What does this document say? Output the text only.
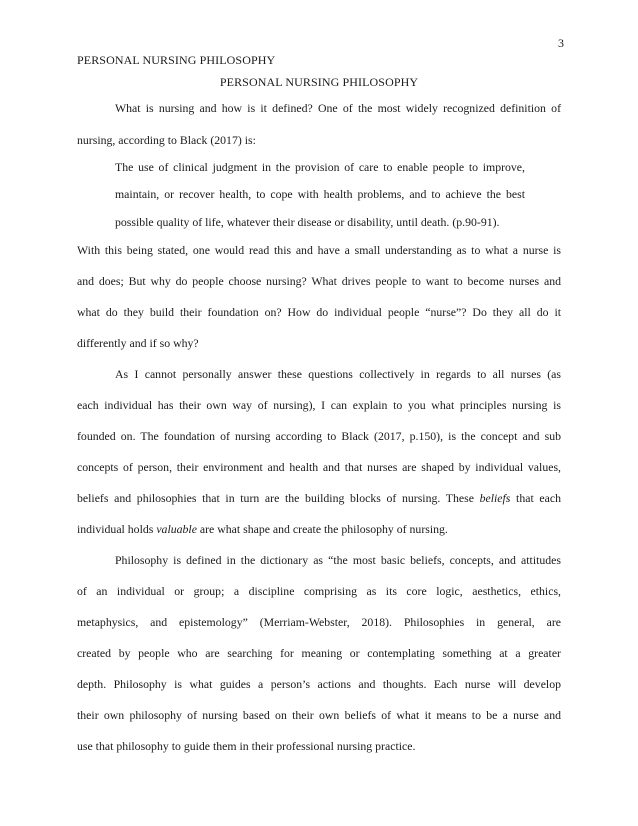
3
PERSONAL NURSING PHILOSOPHY
PERSONAL NURSING PHILOSOPHY
What is nursing and how is it defined? One of the most widely recognized definition of
nursing, according to Black (2017) is:
The use of clinical judgment in the provision of care to enable people to improve,
maintain, or recover health, to cope with health problems, and to achieve the best
possible quality of life, whatever their disease or disability, until death. (p.90-91).
With this being stated, one would read this and have a small understanding as to what a nurse is
and does; But why do people choose nursing? What drives people to want to become nurses and
what do they build their foundation on? How do individual people “nurse”? Do they all do it
differently and if so why?
As I cannot personally answer these questions collectively in regards to all nurses (as
each individual has their own way of nursing), I can explain to you what principles nursing is
founded on. The foundation of nursing according to Black (2017, p.150), is the concept and sub
concepts of person, their environment and health and that nurses are shaped by individual values,
beliefs and philosophies that in turn are the building blocks of nursing. These beliefs that each
individual holds valuable are what shape and create the philosophy of nursing.
Philosophy is defined in the dictionary as “the most basic beliefs, concepts, and attitudes
of an individual or group; a discipline comprising as its core logic, aesthetics, ethics,
metaphysics, and epistemology” (Merriam-Webster, 2018). Philosophies in general, are
created by people who are searching for meaning or contemplating something at a greater
depth. Philosophy is what guides a person’s actions and thoughts. Each nurse will develop
their own philosophy of nursing based on their own beliefs of what it means to be a nurse and
use that philosophy to guide them in their professional nursing practice.
